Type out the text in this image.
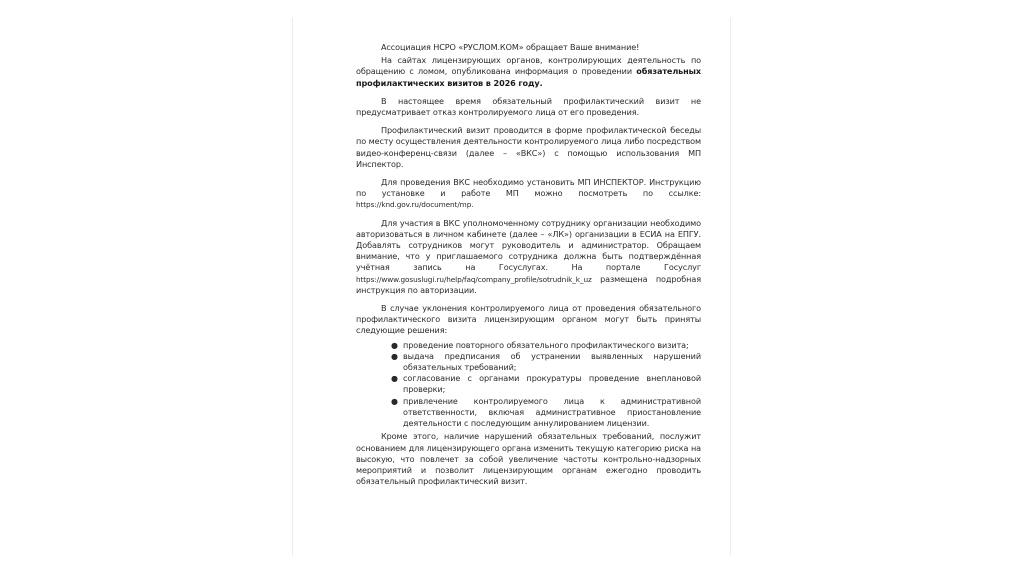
Ассоциация НСРО «РУСЛОМ.КОМ» обращает Ваше внимание!

На сайтах лицензирующих органов, контролирующих деятельность по обращению с ломом, опубликована информация о проведении обязательных профилактических визитов в 2026 году.

В настоящее время обязательный профилактический визит не предусматривает отказ контролируемого лица от его проведения.

Профилактический визит проводится в форме профилактической беседы по месту осуществления деятельности контролируемого лица либо посредством видео-конференц-связи (далее – «ВКС») с помощью использования МП Инспектор.

Для проведения ВКС необходимо установить МП ИНСПЕКТОР. Инструкцию по установке и работе МП можно посмотреть по ссылке: https://knd.gov.ru/document/mp.

Для участия в ВКС уполномоченному сотруднику организации необходимо авторизоваться в личном кабинете (далее – «ЛК») организации в ЕСИА на ЕПГУ. Добавлять сотрудников могут руководитель и администратор. Обращаем внимание, что у приглашаемого сотрудника должна быть подтверждённая учётная запись на Госуслугах. На портале Госуслуг https://www.gosuslugi.ru/help/faq/company_profile/sotrudnik_k_uz размещена подробная инструкция по авторизации.

В случае уклонения контролируемого лица от проведения обязательного профилактического визита лицензирующим органом могут быть приняты следующие решения:

● проведение повторного обязательного профилактического визита;
● выдача предписания об устранении выявленных нарушений обязательных требований;
● согласование с органами прокуратуры проведение внеплановой проверки;
● привлечение контролируемого лица к административной ответственности, включая административное приостановление деятельности с последующим аннулированием лицензии.

Кроме этого, наличие нарушений обязательных требований, послужит основанием для лицензирующего органа изменить текущую категорию риска на высокую, что повлечет за собой увеличение частоты контрольно-надзорных мероприятий и позволит лицензирующим органам ежегодно проводить обязательный профилактический визит.
